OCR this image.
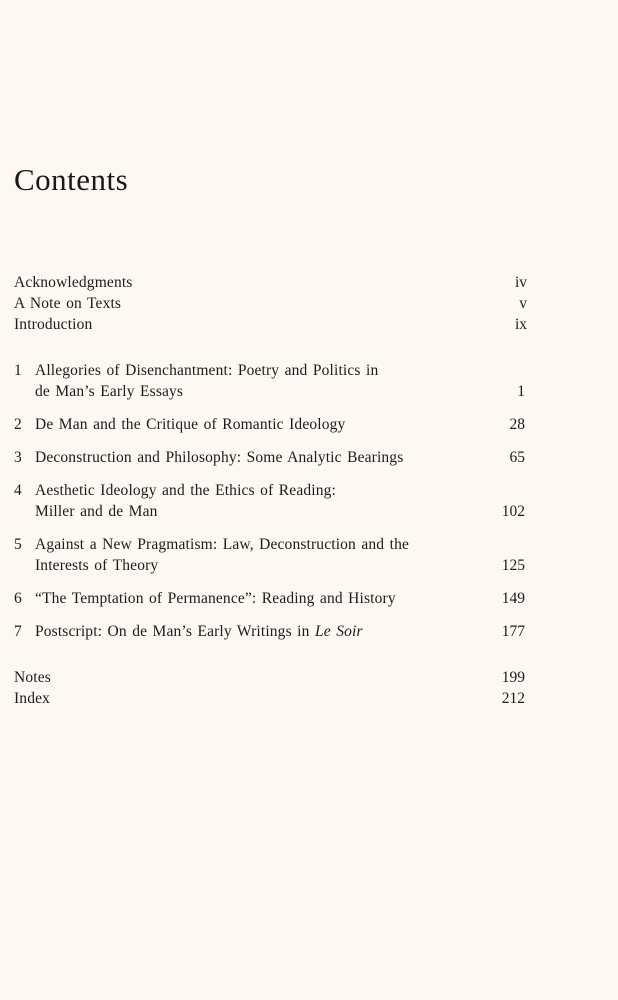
Contents
Acknowledgments	iv
A Note on Texts	v
Introduction	ix
1 Allegories of Disenchantment: Poetry and Politics in
de Man’s Early Essays	1
2 De Man and the Critique of Romantic Ideology	28
3 Deconstruction and Philosophy: Some Analytic Bearings	65
4 Aesthetic Ideology and the Ethics of Reading:
Miller and de Man	102
5 Against a New Pragmatism: Law, Deconstruction and the
Interests of Theory	125
6 “The Temptation of Permanence”: Reading and History	149
7 Postscript: On de Man’s Early Writings in Le Soir	177
Notes	199
Index	212
